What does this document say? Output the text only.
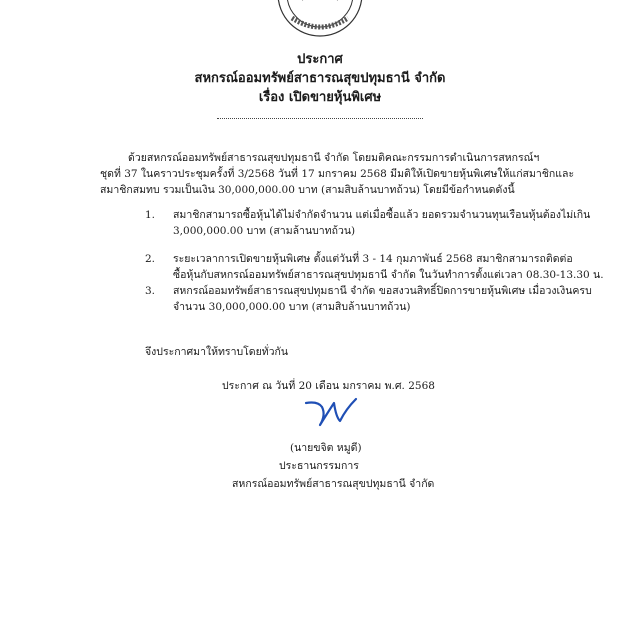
ประกาศ
สหกรณ์ออมทรัพย์สาธารณสุขปทุมธานี จำกัด
เรื่อง เปิดขายหุ้นพิเศษ
ด้วยสหกรณ์ออมทรัพย์สาธารณสุขปทุมธานี จำกัด โดยมติคณะกรรมการดำเนินการสหกรณ์ฯ
ชุดที่ 37 ในคราวประชุมครั้งที่ 3/2568 วันที่ 17 มกราคม 2568 มีมติให้เปิดขายหุ้นพิเศษให้แก่สมาชิกและ
สมาชิกสมทบ รวมเป็นเงิน 30,000,000.00 บาท (สามสิบล้านบาทถ้วน) โดยมีข้อกำหนดดังนี้
1.	สมาชิกสามารถซื้อหุ้นได้ไม่จำกัดจำนวน แต่เมื่อซื้อแล้ว ยอดรวมจำนวนทุนเรือนหุ้นต้องไม่เกิน
3,000,000.00 บาท (สามล้านบาทถ้วน)
2.	ระยะเวลาการเปิดขายหุ้นพิเศษ ตั้งแต่วันที่ 3 - 14 กุมภาพันธ์ 2568 สมาชิกสามารถติดต่อ
ซื้อหุ้นกับสหกรณ์ออมทรัพย์สาธารณสุขปทุมธานี จำกัด ในวันทำการตั้งแต่เวลา 08.30-13.30 น.
3.	สหกรณ์ออมทรัพย์สาธารณสุขปทุมธานี จำกัด ขอสงวนสิทธิ์ปิดการขายหุ้นพิเศษ เมื่อวงเงินครบ
จำนวน 30,000,000.00 บาท (สามสิบล้านบาทถ้วน)
จึงประกาศมาให้ทราบโดยทั่วกัน
ประกาศ ณ วันที่ 20 เดือน มกราคม พ.ศ. 2568
(นายขจิต หมูดี)
ประธานกรรมการ
สหกรณ์ออมทรัพย์สาธารณสุขปทุมธานี จำกัด
